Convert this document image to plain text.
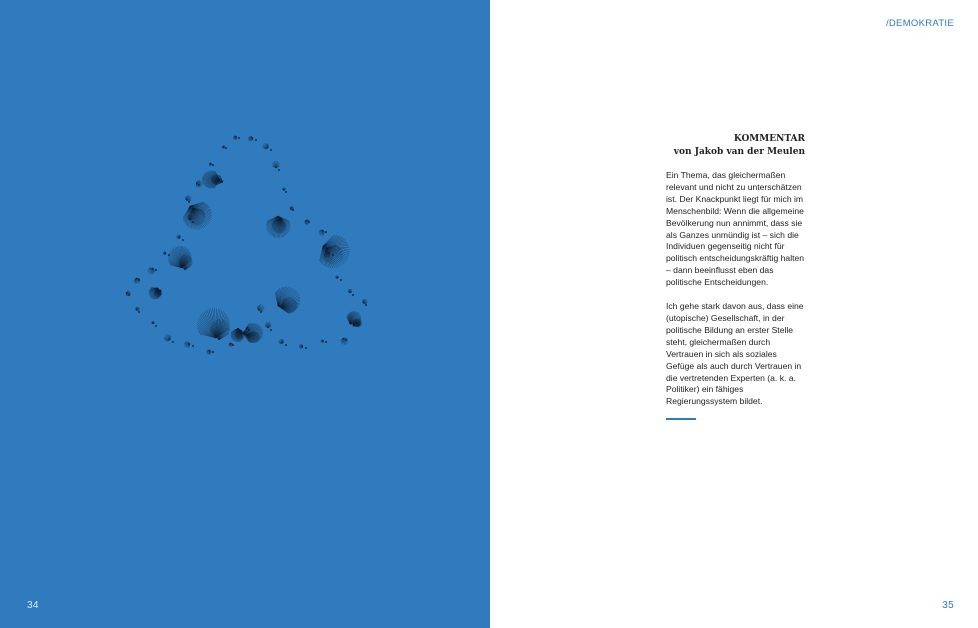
34
/DEMOKRATIE
KOMMENTAR
von Jakob van der Meulen
Ein Thema, das gleichermaßen relevant und nicht zu unterschätzen ist. Der Knackpunkt liegt für mich im Menschenbild: Wenn die allgemeine Bevölkerung nun annimmt, dass sie als Ganzes unmündig ist – sich die Individuen gegenseitig nicht für politisch entscheidungskräftig halten – dann beeinflusst eben das politische Entscheidungen.
Ich gehe stark davon aus, dass eine (utopische) Gesellschaft, in der politische Bildung an erster Stelle steht, gleichermaßen durch Vertrauen in sich als soziales Gefüge als auch durch Vertrauen in die vertretenden Experten (a. k. a. Politiker) ein fähiges Regierungssystem bildet.
35
